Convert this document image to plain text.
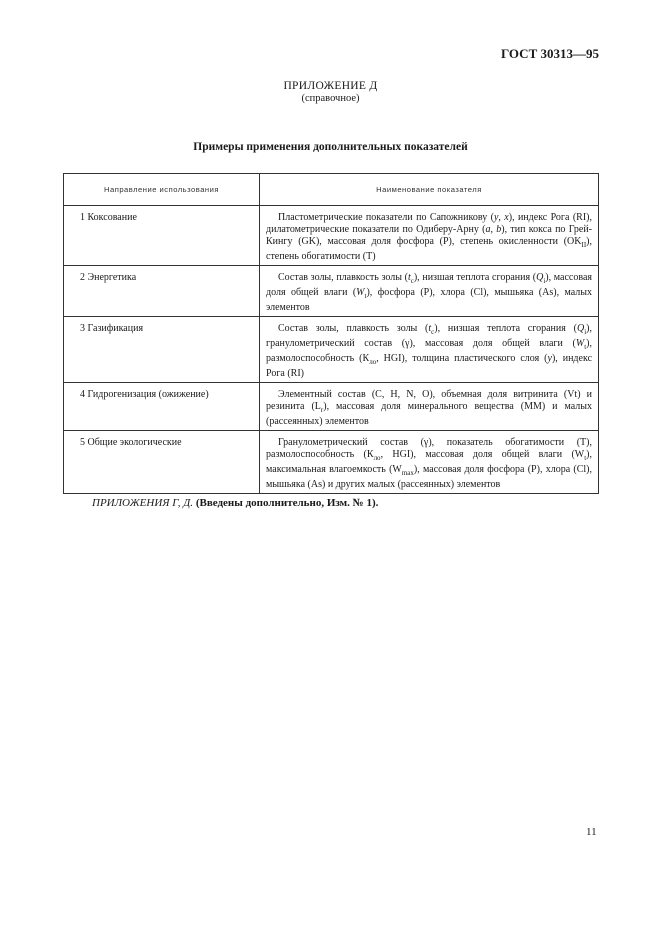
ГОСТ 30313—95
ПРИЛОЖЕНИЕ Д
(справочное)
Примеры применения дополнительных показателей
Направление использования	Наименование показателя
1 Коксование	Пластометрические показатели по Сапожникову (у, х), индекс Рога (RI), дилатометрические показатели по Одиберу-Арну (а, b), тип кокса по Грей-Кингу (GK), массовая доля фосфора (Р), степень окисленности $(OK_{II})$, степень обогатимости (Т)
2 Энергетика	Состав золы, плавкость золы $(t_c)$, низшая теплота сгорания $(Q_i)$, массовая доля общей влаги $(W_t)$, фосфора (Р), хлора (Cl), мышьяка (As), малых элементов
3 Газификация	Состав золы, плавкость золы $(t_c)$, низшая теплота сгорания $(Q_i)$, гранулометрический состав (γ), массовая доля общей влаги $(W_t)$, размолоспособность ($К_{лo}$, HGI), толщина пластического слоя (у), индекс Рога (RI)
4 Гидрогенизация (ожижение)	Элементный состав (С, Н, N, О), объемная доля витринита (Vt) и резинита $(L_r)$, массовая доля минерального вещества (ММ) и малых (рассеянных) элементов
5 Общие экологические	Гранулометрический состав (γ), показатель обогатимости (Т), размолоспособность ($К_{лo}$, HGI), массовая доля общей влаги $(W_t)$, максимальная влагоемкость $(W_{max})$, массовая доля фосфора (Р), хлора (Cl), мышьяка (As) и других малых (рассеянных) элементов
ПРИЛОЖЕНИЯ Г, Д. (Введены дополнительно, Изм. № 1).
11
